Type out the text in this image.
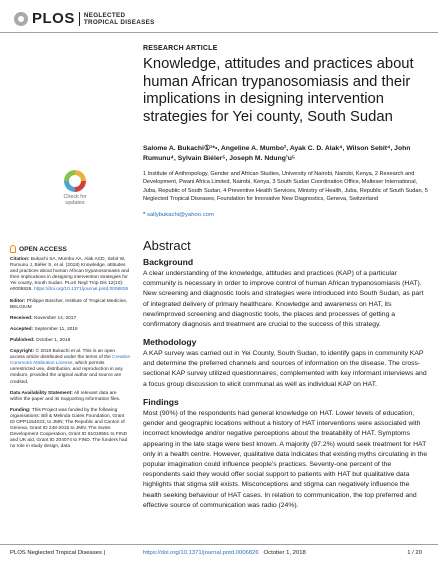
PLOS NEGLECTED
TROPICAL DISEASES
Check for updates
OPEN ACCESS

Citation: Bukachi SA, Mumbo AA, Alak ACD, Sebit W, Rumunu J, Biéler S, et al. (2018) Knowledge, attitudes and practices about human African trypanosomiasis and their implications in designing intervention strategies for Yei county, South Sudan. PLoS Negl Trop Dis 12(10): e0006826. https://doi.org/10.1371/journal.pntd.0006826

Editor: Philippe Büscher, Institute of Tropical Medicine, BELGIUM

Received: November 14, 2017

Accepted: September 11, 2018

Published: October 1, 2018

Copyright: © 2018 Bukachi et al. This is an open access article distributed under the terms of the Creative Commons Attribution License, which permits unrestricted use, distribution, and reproduction in any medium, provided the original author and source are credited.

Data Availability Statement: All relevant data are within the paper and its Supporting Information files.

Funding: This Project was funded by the following organisations: Bill & Melinda Gates Foundation, Grant ID OPP1154023, to JMN; The Republic and Canton of Geneva, Grant ID 248-2015 to JMN; The Swiss Development Cooperation, Grant ID 81019551 to FIND and UK aid, Grant ID 204074 to FIND. The funders had no role in study design, data

RESEARCH ARTICLE
Knowledge, attitudes and practices about human African trypanosomiasis and their implications in designing intervention strategies for Yei county, South Sudan
Salome A. Bukachi①¹*•, Angeline A. Mumbo², Ayak C. D. Alak⁴, Wilson Sebit⁴, John Rumunu⁴, Sylvain Biéler⁵, Joseph M. Ndung’u⁵
1 Institute of Anthropology, Gender and African Studies, University of Nairobi, Nairobi, Kenya, 2 Research and Development, Pwani Africa Limited, Nairobi, Kenya, 3 South Sudan Coordination Office, Malteser International, Juba, Republic of South Sudan, 4 Preventive Health Services, Ministry of Health, Juba, Republic of South Sudan, 5 Neglected Tropical Diseases, Foundation for Innovative New Diagnostics, Geneva, Switzerland
* sallybukachi@yahoo.com
Abstract
Background
A clear understanding of the knowledge, attitudes and practices (KAP) of a particular community is necessary in order to improve control of human African trypanosomiasis (HAT). New screening and diagnostic tools and strategies were introduced into South Sudan, as part of integrated delivery of primary healthcare. Knowledge and awareness on HAT, its new/improved screening and diagnostic tools, the places and processes of getting a confirmatory diagnosis and treatment are crucial to the success of this strategy.
Methodology
A KAP survey was carried out in Yei County, South Sudan, to identify gaps in community KAP and determine the preferred channels and sources of information on the disease. The cross-sectional KAP survey utilized questionnaires, complemented with key informant interviews and a focus group discussion to elicit communal as well as individual KAP on HAT.
Findings
Most (90%) of the respondents had general knowledge on HAT. Lower levels of education, gender and geographic locations without a history of HAT interventions were associated with incorrect knowledge and/or negative perceptions about the treatability of HAT. Symptoms appearing in the late stage were best known. A majority (97.2%) would seek treatment for HAT only in a health centre. However, qualitative data indicates that existing myths circulating in the popular imagination could influence people’s practices. Seventy-one percent of the respondents said they would offer social support to patients with HAT but qualitative data highlights that stigma still exists. Misconceptions and stigma can negatively influence the health seeking behaviour of HAT cases. In relation to communication, the top preferred and effective source of communication was radio (24%).
PLOS Neglected Tropical Diseases |	https://doi.org/10.1371/journal.pntd.0006826 October 1, 2018	1 / 20
